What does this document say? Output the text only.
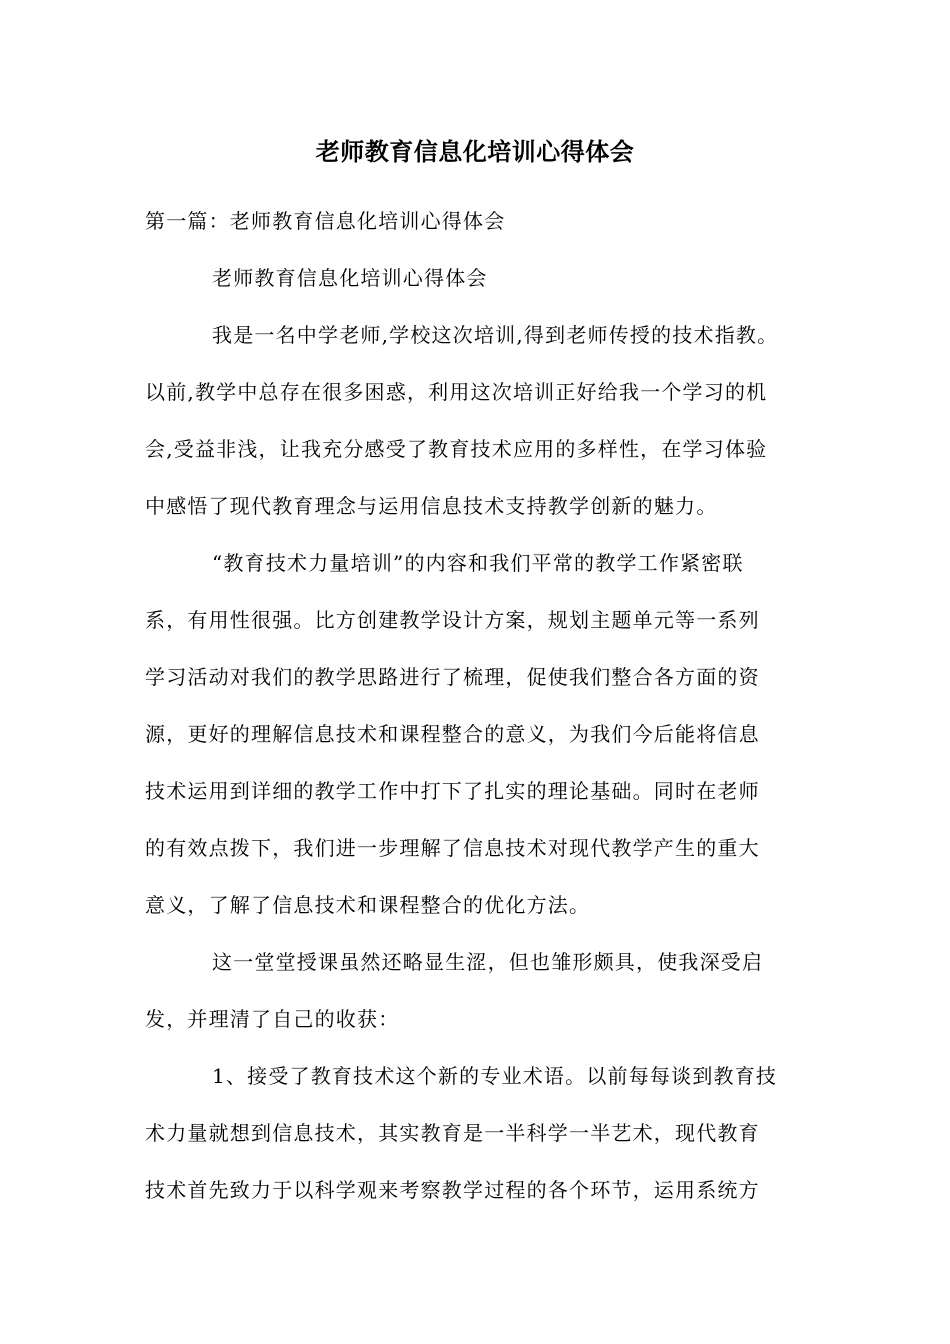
老师教育信息化培训心得体会
第一篇：老师教育信息化培训心得体会
老师教育信息化培训心得体会
我是一名中学老师,学校这次培训,得到老师传授的技术指教。
以前,教学中总存在很多困惑，利用这次培训正好给我一个学习的机
会,受益非浅，让我充分感受了教育技术应用的多样性，在学习体验
中感悟了现代教育理念与运用信息技术支持教学创新的魅力。
“教育技术力量培训”的内容和我们平常的教学工作紧密联
系，有用性很强。比方创建教学设计方案，规划主题单元等一系列
学习活动对我们的教学思路进行了梳理，促使我们整合各方面的资
源，更好的理解信息技术和课程整合的意义，为我们今后能将信息
技术运用到详细的教学工作中打下了扎实的理论基础。同时在老师
的有效点拨下，我们进一步理解了信息技术对现代教学产生的重大
意义，了解了信息技术和课程整合的优化方法。
这一堂堂授课虽然还略显生涩，但也雏形颇具，使我深受启
发，并理清了自己的收获：
1、接受了教育技术这个新的专业术语。以前每每谈到教育技
术力量就想到信息技术，其实教育是一半科学一半艺术，现代教育
技术首先致力于以科学观来考察教学过程的各个环节，运用系统方
